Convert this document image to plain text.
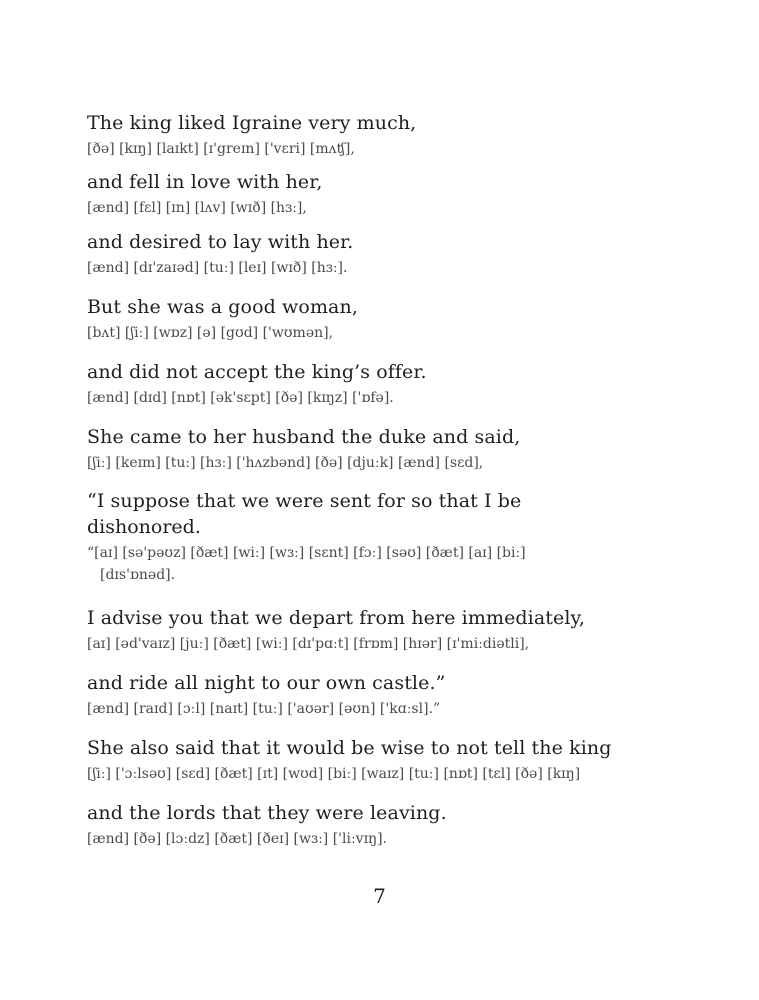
The king liked Igraine very much,
[ðə] [kɪŋ] [laɪkt] [ɪ'greɪn] ['vɛri] [mʌʧ],
and fell in love with her,
[ænd] [fɛl] [ɪn] [lʌv] [wɪð] [hɜː],
and desired to lay with her.
[ænd] [dɪ'zaɪəd] [tuː] [leɪ] [wɪð] [hɜː].
But she was a good woman,
[bʌt] [ʃiː] [wɒz] [ə] [gʊd] ['wʊmən],
and did not accept the king’s offer.
[ænd] [dɪd] [nɒt] [ək'sɛpt] [ðə] [kɪŋz] ['ɒfə].
She came to her husband the duke and said,
[ʃiː] [keɪm] [tuː] [hɜː] ['hʌzbənd] [ðə] [djuːk] [ænd] [sɛd],
“I suppose that we were sent for so that I be
dishonored.
“[aɪ] [sə'pəʊz] [ðæt] [wiː] [wɜː] [sɛnt] [fɔː] [səʊ] [ðæt] [aɪ] [biː]
[dɪs'ɒnəd].
I advise you that we depart from here immediately,
[aɪ] [əd'vaɪz] [juː] [ðæt] [wiː] [dɪ'pɑːt] [frɒm] [hɪər] [ɪ'miːdiətli],
and ride all night to our own castle.”
[ænd] [raɪd] [ɔːl] [naɪt] [tuː] ['aʊər] [əʊn] ['kɑːsl].”
She also said that it would be wise to not tell the king
[ʃiː] ['ɔːlsəʊ] [sɛd] [ðæt] [ɪt] [wʊd] [biː] [waɪz] [tuː] [nɒt] [tɛl] [ðə] [kɪŋ]
and the lords that they were leaving.
[ænd] [ðə] [lɔːdz] [ðæt] [ðeɪ] [wɜː] ['liːvɪŋ].
7
